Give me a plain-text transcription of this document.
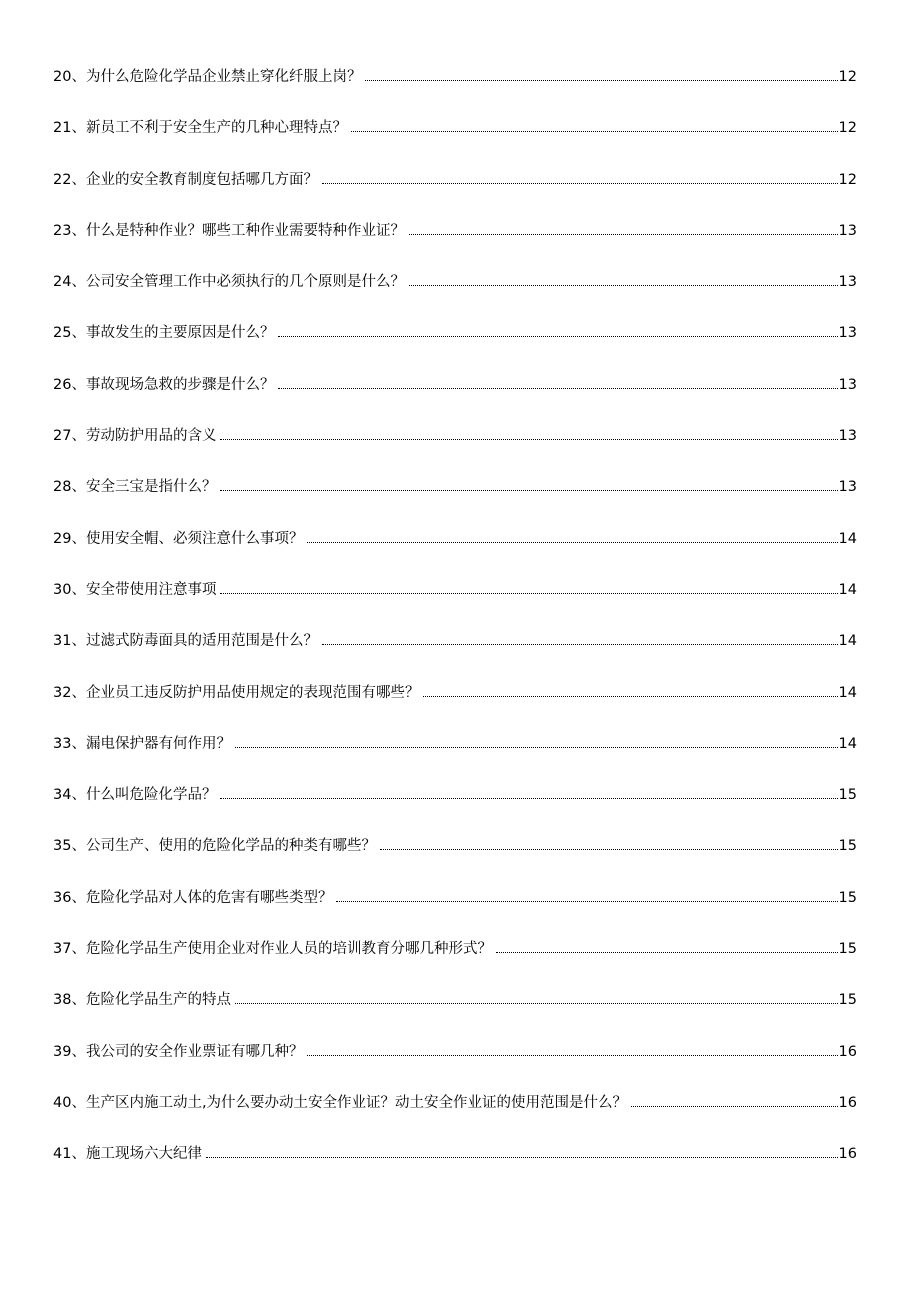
20、为什么危险化学品企业禁止穿化纤服上岗？	12
21、新员工不利于安全生产的几种心理特点？	12
22、企业的安全教育制度包括哪几方面？	12
23、什么是特种作业？哪些工种作业需要特种作业证？	13
24、公司安全管理工作中必须执行的几个原则是什么？	13
25、事故发生的主要原因是什么？	13
26、事故现场急救的步骤是什么？	13
27、劳动防护用品的含义	13
28、安全三宝是指什么？	13
29、使用安全帽、必须注意什么事项？	14
30、安全带使用注意事项	14
31、过滤式防毒面具的适用范围是什么？	14
32、企业员工违反防护用品使用规定的表现范围有哪些？	14
33、漏电保护器有何作用？	14
34、什么叫危险化学品？	15
35、公司生产、使用的危险化学品的种类有哪些？	15
36、危险化学品对人体的危害有哪些类型？	15
37、危险化学品生产使用企业对作业人员的培训教育分哪几种形式？	15
38、危险化学品生产的特点	15
39、我公司的安全作业票证有哪几种？	16
40、生产区内施工动土,为什么要办动土安全作业证？动土安全作业证的使用范围是什么？	16
41、施工现场六大纪律	16
